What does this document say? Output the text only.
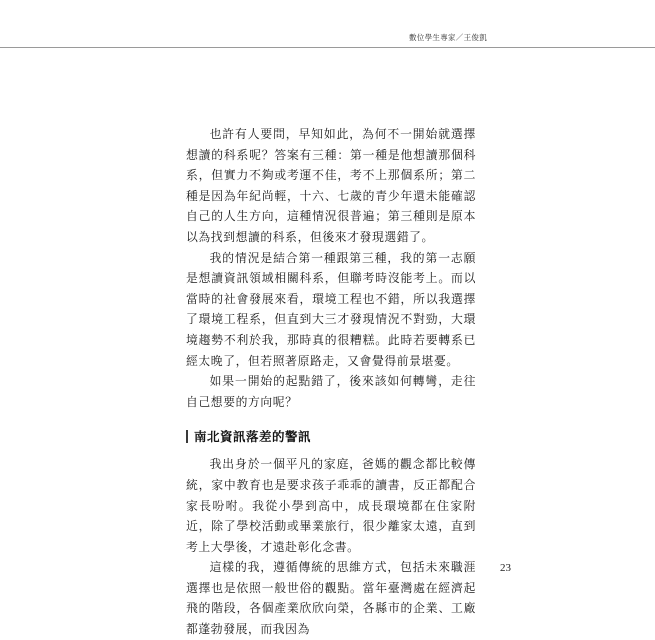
數位學生專家／王俊凱

也許有人要問，早知如此，為何不一開始就選擇想讀的科系呢？答案有三種：第一種是他想讀那個科系，但實力不夠或考運不佳，考不上那個系所；第二種是因為年紀尚輕，十六、七歲的青少年還未能確認自己的人生方向，這種情況很普遍；第三種則是原本以為找到想讀的科系，但後來才發現選錯了。

我的情況是結合第一種跟第三種，我的第一志願是想讀資訊領域相關科系，但聯考時沒能考上。而以當時的社會發展來看，環境工程也不錯，所以我選擇了環境工程系，但直到大三才發現情況不對勁，大環境趨勢不利於我，那時真的很糟糕。此時若要轉系已經太晚了，但若照著原路走，又會覺得前景堪憂。

如果一開始的起點錯了，後來該如何轉彎，走往自己想要的方向呢？

南北資訊落差的警訊

我出身於一個平凡的家庭，爸媽的觀念都比較傳統，家中教育也是要求孩子乖乖的讀書，反正都配合家長吩咐。我從小學到高中，成長環境都在住家附近，除了學校活動或畢業旅行，很少離家太遠，直到考上大學後，才遠赴彰化念書。

這樣的我，遵循傳統的思維方式，包括未來職涯選擇也是依照一般世俗的觀點。當年臺灣處在經濟起飛的階段，各個產業欣欣向榮，各縣市的企業、工廠都蓬勃發展，而我因為

23
